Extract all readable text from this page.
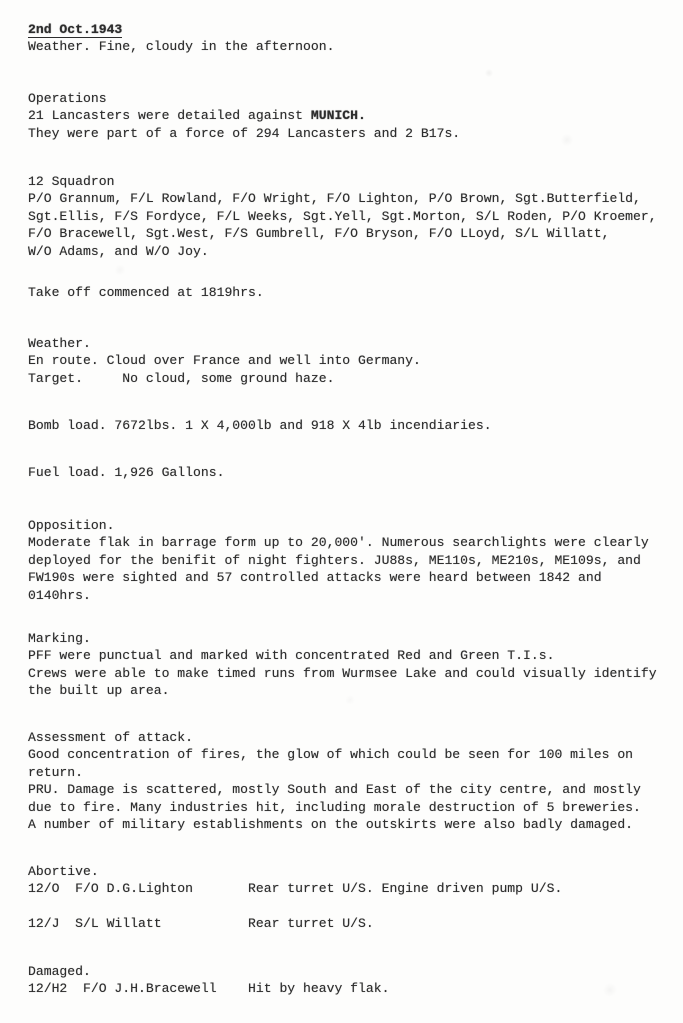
2nd Oct.1943
Weather. Fine, cloudy in the afternoon.
Operations
21 Lancasters were detailed against MUNICH.
They were part of a force of 294 Lancasters and 2 B17s.
12 Squadron
P/O Grannum, F/L Rowland, F/O Wright, F/O Lighton, P/O Brown, Sgt.Butterfield,
Sgt.Ellis, F/S Fordyce, F/L Weeks, Sgt.Yell, Sgt.Morton, S/L Roden, P/O Kroemer,
F/O Bracewell, Sgt.West, F/S Gumbrell, F/O Bryson, F/O LLoyd, S/L Willatt,
W/O Adams, and W/O Joy.
Take off commenced at 1819hrs.
Weather.
En route. Cloud over France and well into Germany.
Target.     No cloud, some ground haze.
Bomb load. 7672lbs. 1 X 4,000lb and 918 X 4lb incendiaries.
Fuel load. 1,926 Gallons.
Opposition.
Moderate flak in barrage form up to 20,000'. Numerous searchlights were clearly
deployed for the benifit of night fighters. JU88s, ME110s, ME210s, ME109s, and
FW190s were sighted and 57 controlled attacks were heard between 1842 and
0140hrs.
Marking.
PFF were punctual and marked with concentrated Red and Green T.I.s.
Crews were able to make timed runs from Wurmsee Lake and could visually identify
the built up area.
Assessment of attack.
Good concentration of fires, the glow of which could be seen for 100 miles on
return.
PRU. Damage is scattered, mostly South and East of the city centre, and mostly
due to fire. Many industries hit, including morale destruction of 5 breweries.
A number of military establishments on the outskirts were also badly damaged.
Abortive.
12/O  F/O D.G.Lighton       Rear turret U/S. Engine driven pump U/S.
12/J  S/L Willatt           Rear turret U/S.
Damaged.
12/H2  F/O J.H.Bracewell    Hit by heavy flak.
